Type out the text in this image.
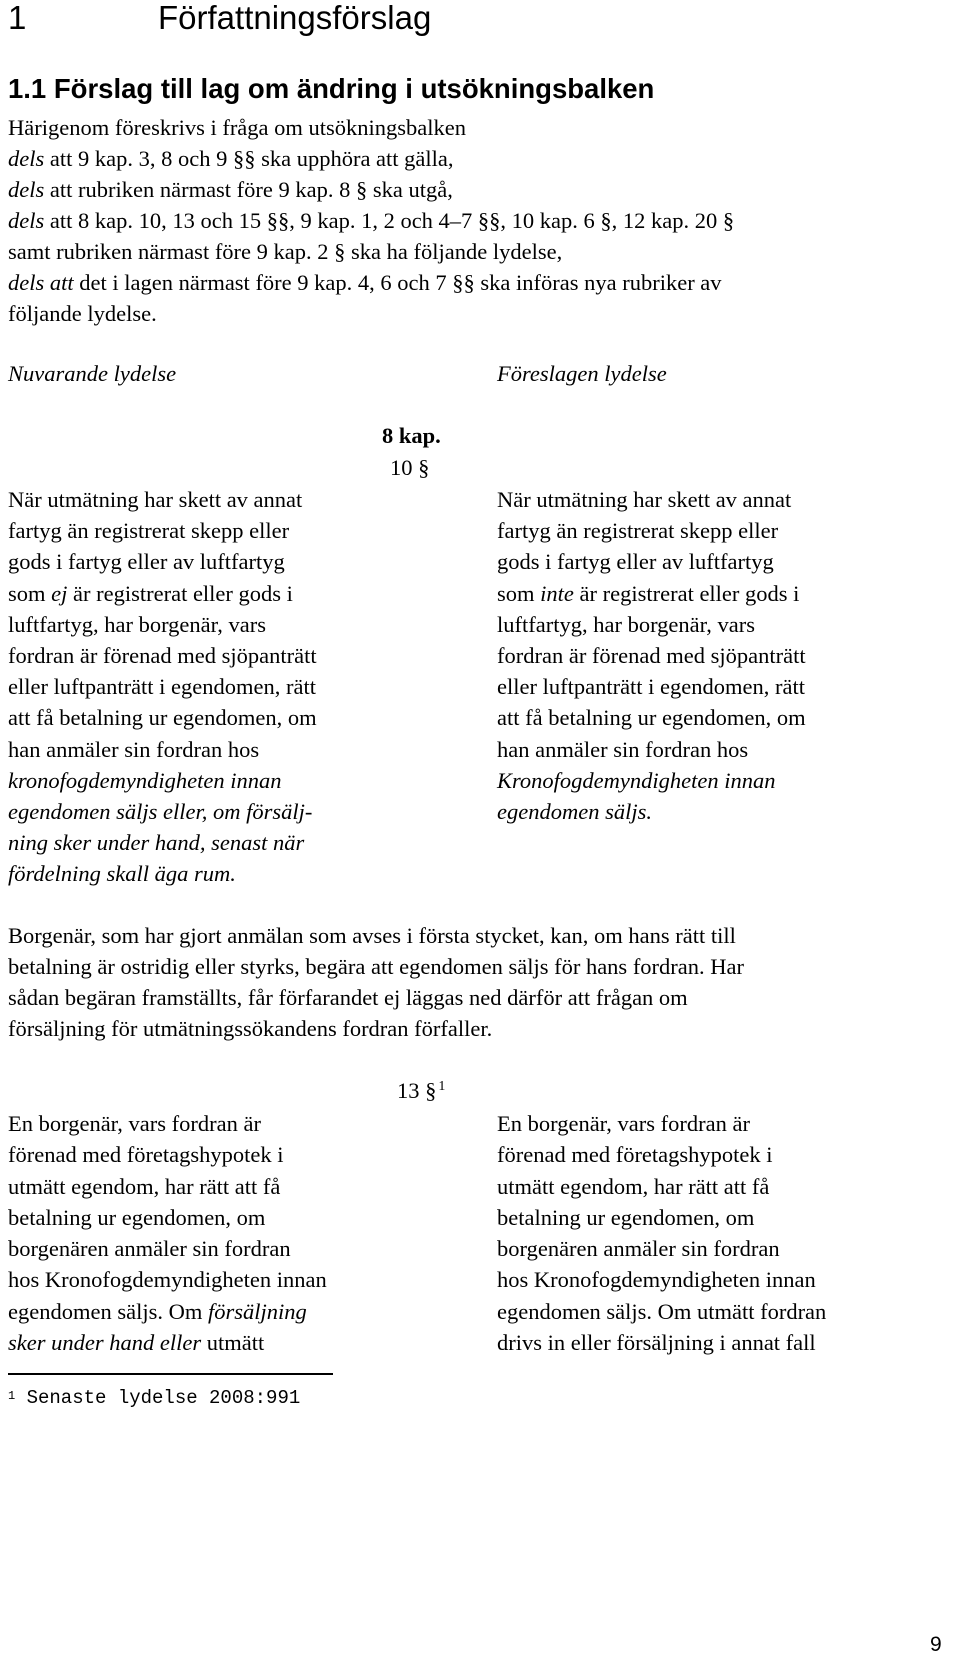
1	Författningsförslag
1.1 Förslag till lag om ändring i utsökningsbalken
Härigenom föreskrivs i fråga om utsökningsbalken
dels att 9 kap. 3, 8 och 9 §§ ska upphöra att gälla,
dels att rubriken närmast före 9 kap. 8 § ska utgå,
dels att 8 kap. 10, 13 och 15 §§, 9 kap. 1, 2 och 4–7 §§, 10 kap. 6 §, 12 kap. 20 §
samt rubriken närmast före 9 kap. 2 § ska ha följande lydelse,
dels att det i lagen närmast före 9 kap. 4, 6 och 7 §§ ska införas nya rubriker av
följande lydelse.
Nuvarande lydelse	Föreslagen lydelse
8 kap.
10 §
När utmätning har skett av annat
fartyg än registrerat skepp eller
gods i fartyg eller av luftfartyg
som ej är registrerat eller gods i
luftfartyg, har borgenär, vars
fordran är förenad med sjöpanträtt
eller luftpanträtt i egendomen, rätt
att få betalning ur egendomen, om
han anmäler sin fordran hos
kronofogdemyndigheten innan
egendomen säljs eller, om försälj-
ning sker under hand, senast när
fördelning skall äga rum.
När utmätning har skett av annat
fartyg än registrerat skepp eller
gods i fartyg eller av luftfartyg
som inte är registrerat eller gods i
luftfartyg, har borgenär, vars
fordran är förenad med sjöpanträtt
eller luftpanträtt i egendomen, rätt
att få betalning ur egendomen, om
han anmäler sin fordran hos
Kronofogdemyndigheten innan
egendomen säljs.
Borgenär, som har gjort anmälan som avses i första stycket, kan, om hans rätt till
betalning är ostridig eller styrks, begära att egendomen säljs för hans fordran. Har
sådan begäran framställts, får förfarandet ej läggas ned därför att frågan om
försäljning för utmätningssökandens fordran förfaller.
13 § $^1$
En borgenär, vars fordran är
förenad med företagshypotek i
utmätt egendom, har rätt att få
betalning ur egendomen, om
borgenären anmäler sin fordran
hos Kronofogdemyndigheten innan
egendomen säljs. Om försäljning
sker under hand eller utmätt
En borgenär, vars fordran är
förenad med företagshypotek i
utmätt egendom, har rätt att få
betalning ur egendomen, om
borgenären anmäler sin fordran
hos Kronofogdemyndigheten innan
egendomen säljs. Om utmätt fordran
drivs in eller försäljning i annat fall
$^1$ Senaste lydelse 2008:991
9
